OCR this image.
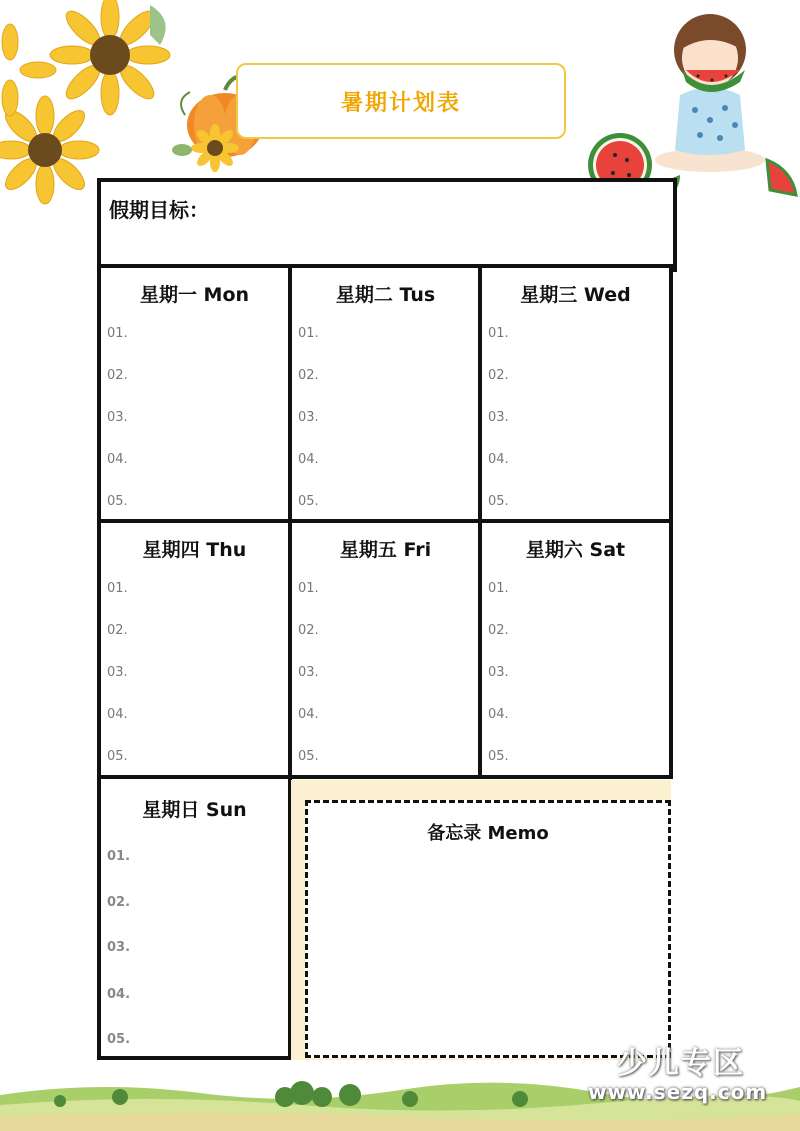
暑期计划表
假期目标：
星期一 Mon
01.
02.
03.
04.
05.
星期二 Tus
01.
02.
03.
04.
05.
星期三 Wed
01.
02.
03.
04.
05.
星期四 Thu
01.
02.
03.
04.
05.
星期五 Fri
01.
02.
03.
04.
05.
星期六 Sat
01.
02.
03.
04.
05.
星期日 Sun
01.
02.
03.
04.
05.
备忘录 Memo
少儿专区
www.sezq.com
